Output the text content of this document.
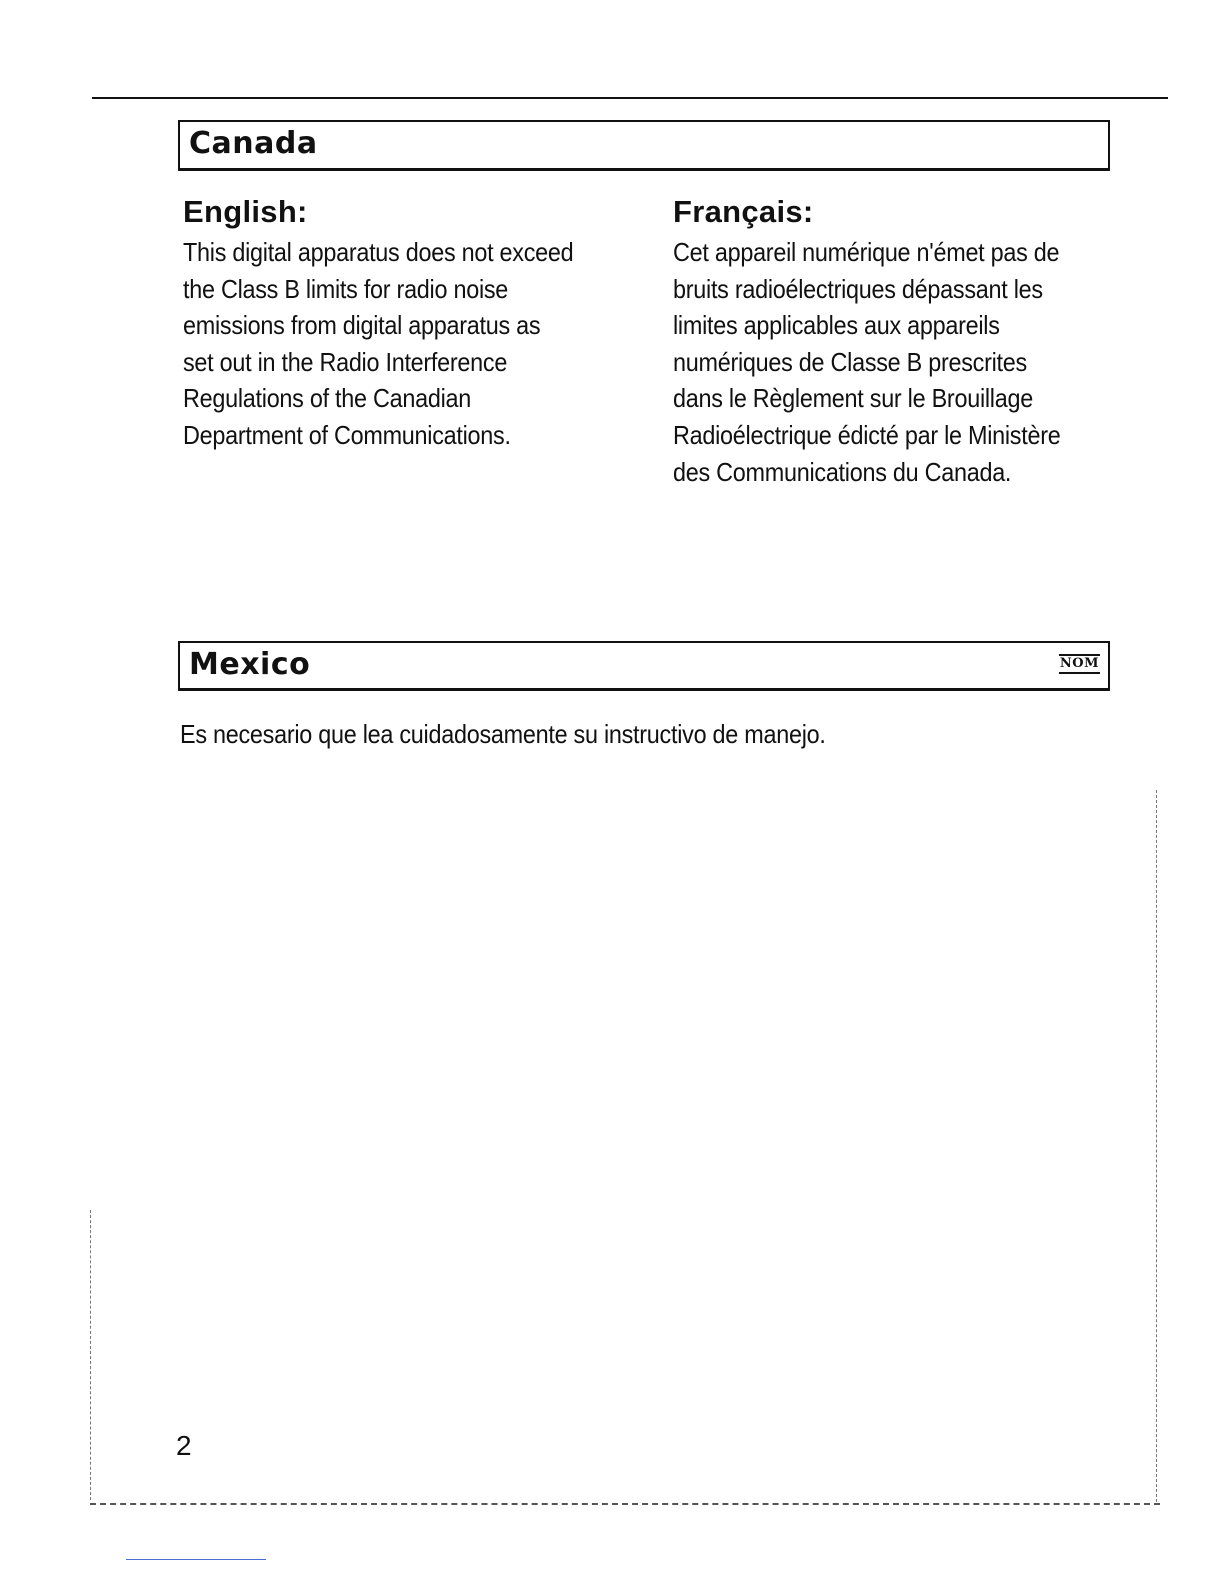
Canada
English:
This digital apparatus does not exceed
the Class B limits for radio noise
emissions from digital apparatus as
set out in the Radio Interference
Regulations of the Canadian
Department of Communications.
Français:
Cet appareil numérique n'émet pas de
bruits radioélectriques dépassant les
limites applicables aux appareils
numériques de Classe B prescrites
dans le Règlement sur le Brouillage
Radioélectrique édicté par le Ministère
des Communications du Canada.
Mexico	NOM
Es necesario que lea cuidadosamente su instructivo de manejo.
2
